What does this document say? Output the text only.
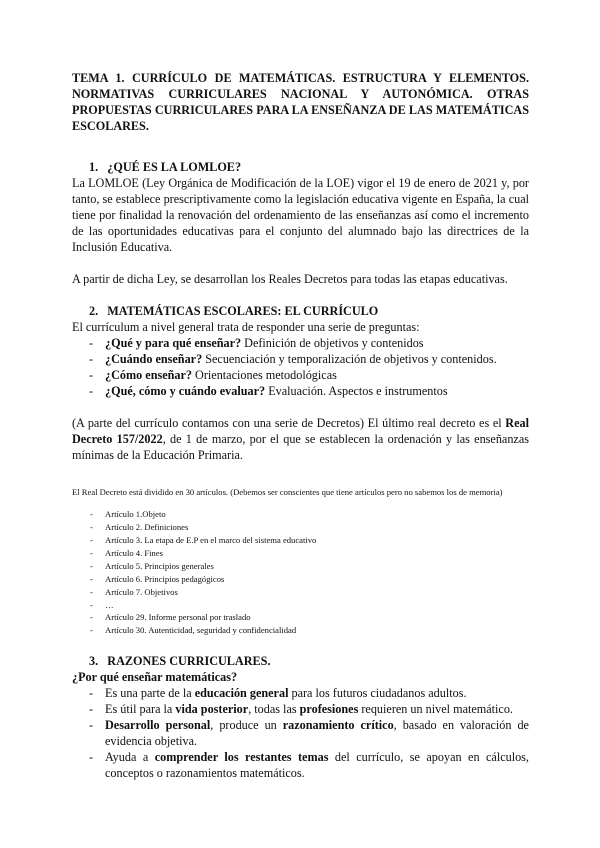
TEMA 1. CURRÍCULO DE MATEMÁTICAS. ESTRUCTURA Y ELEMENTOS. NORMATIVAS CURRICULARES NACIONAL Y AUTONÓMICA. OTRAS PROPUESTAS CURRICULARES PARA LA ENSEÑANZA DE LAS MATEMÁTICAS ESCOLARES.

1. ¿QUÉ ES LA LOMLOE?

La LOMLOE (Ley Orgánica de Modificación de la LOE) vigor el 19 de enero de 2021 y, por tanto, se establece prescriptivamente como la legislación educativa vigente en España, la cual tiene por finalidad la renovación del ordenamiento de las enseñanzas así como el incremento de las oportunidades educativas para el conjunto del alumnado bajo las directrices de la Inclusión Educativa.

A partir de dicha Ley, se desarrollan los Reales Decretos para todas las etapas educativas.

2. MATEMÁTICAS ESCOLARES: EL CURRÍCULO

El currículum a nivel general trata de responder una serie de preguntas:

- ¿Qué y para qué enseñar? Definición de objetivos y contenidos
- ¿Cuándo enseñar? Secuenciación y temporalización de objetivos y contenidos.
- ¿Cómo enseñar? Orientaciones metodológicas
- ¿Qué, cómo y cuándo evaluar? Evaluación. Aspectos e instrumentos

(A parte del currículo contamos con una serie de Decretos) El último real decreto es el Real Decreto 157/2022, de 1 de marzo, por el que se establecen la ordenación y las enseñanzas mínimas de la Educación Primaria.

El Real Decreto está dividido en 30 artículos. (Debemos ser conscientes que tiene artículos pero no sabemos los de memoria)

- Artículo 1.Objeto
- Artículo 2. Definiciones
- Artículo 3. La etapa de E.P en el marco del sistema educativo
- Artículo 4. Fines
- Artículo 5. Principios generales
- Artículo 6. Principios pedagógicos
- Artículo 7. Objetivos
- …
- Artículo 29. Informe personal por traslado
- Artículo 30. Autenticidad, seguridad y confidencialidad

3. RAZONES CURRICULARES.

¿Por qué enseñar matemáticas?

- Es una parte de la educación general para los futuros ciudadanos adultos.
- Es útil para la vida posterior, todas las profesiones requieren un nivel matemático.
- Desarrollo personal, produce un razonamiento crítico, basado en valoración de evidencia objetiva.
- Ayuda a comprender los restantes temas del currículo, se apoyan en cálculos, conceptos o razonamientos matemáticos.
